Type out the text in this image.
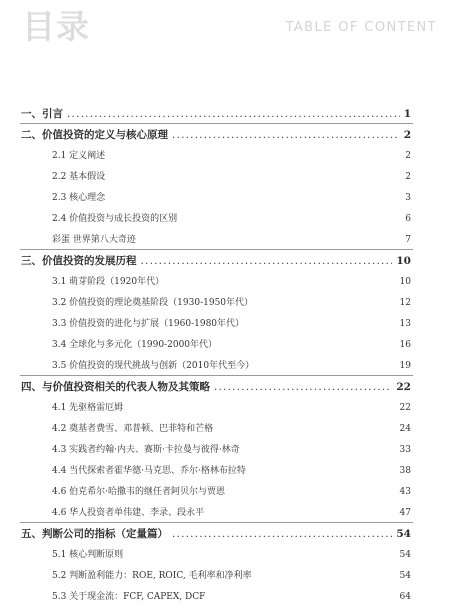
目录	TABLE OF CONTENT
一、引言 .....	1
二、价值投资的定义与核心原理 .....	2
2.1 定义阐述	2
2.2 基本假设	2
2.3 核心理念	3
2.4 价值投资与成长投资的区别	6
彩蛋 世界第八大奇迹	7
三、价值投资的发展历程 .....	10
3.1 萌芽阶段（1920年代）	10
3.2 价值投资的理论奠基阶段（1930-1950年代）	12
3.3 价值投资的进化与扩展（1960-1980年代）	13
3.4 全球化与多元化（1990-2000年代）	16
3.5 价值投资的现代挑战与创新（2010年代至今）	19
四、与价值投资相关的代表人物及其策略 .....	22
4.1 先驱格雷厄姆	22
4.2 奠基者费雪、邓普顿、巴菲特和芒格	24
4.3 实践者约翰·内夫、赛斯·卡拉曼与彼得·林奇	33
4.4 当代探索者霍华德·马克思、乔尔·格林布拉特	38
4.6 伯克希尔·哈撒韦的继任者阿贝尔与贾恩	43
4.6 华人投资者单伟建、李录、段永平	47
五、判断公司的指标（定量篇） .....	54
5.1 核心判断原则	54
5.2 判断盈利能力：ROE, ROIC, 毛利率和净利率	54
5.3 关于现金流：FCF, CAPEX, DCF	64
